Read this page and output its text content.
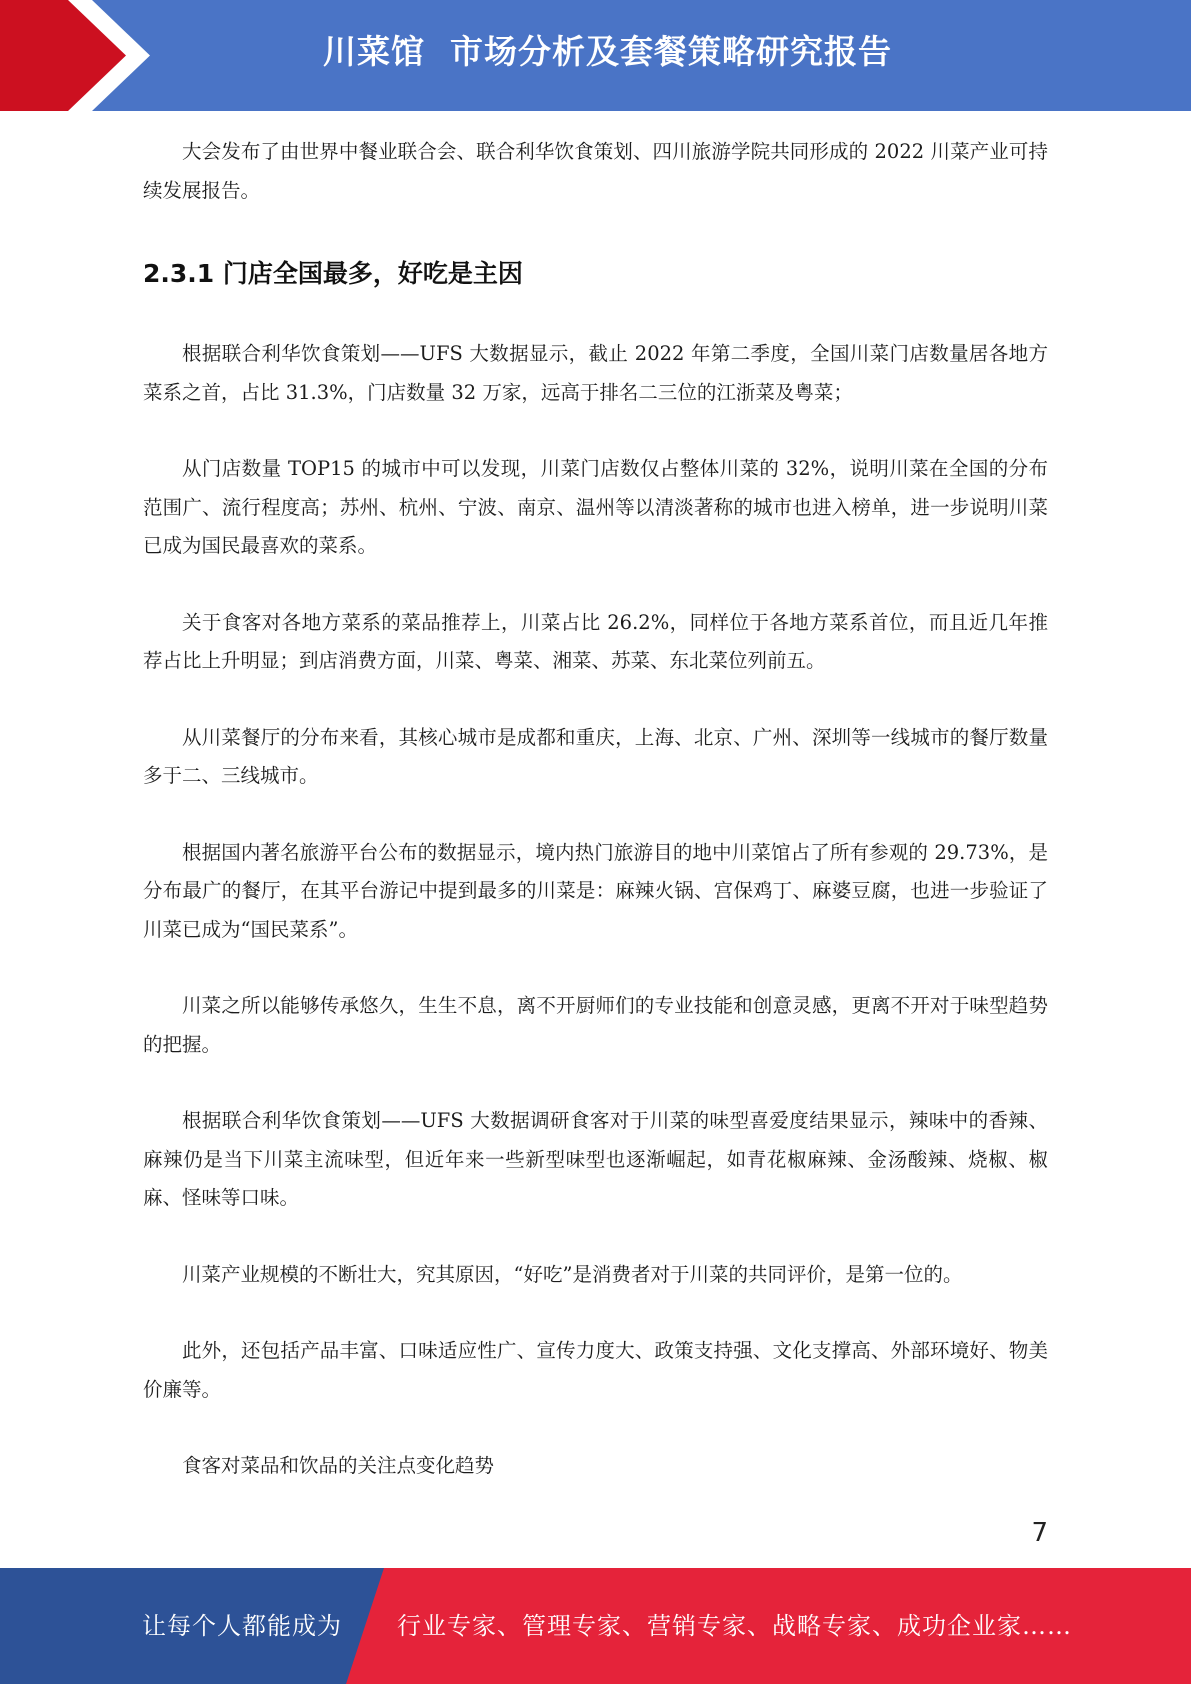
川菜馆  市场分析及套餐策略研究报告

大会发布了由世界中餐业联合会、联合利华饮食策划、四川旅游学院共同形成的 2022 川菜产业可持续发展报告。

2.3.1 门店全国最多，好吃是主因

根据联合利华饮食策划——UFS 大数据显示，截止 2022 年第二季度，全国川菜门店数量居各地方菜系之首，占比 31.3%，门店数量 32 万家，远高于排名二三位的江浙菜及粤菜；

从门店数量 TOP15 的城市中可以发现，川菜门店数仅占整体川菜的 32%，说明川菜在全国的分布范围广、流行程度高；苏州、杭州、宁波、南京、温州等以清淡著称的城市也进入榜单，进一步说明川菜已成为国民最喜欢的菜系。

关于食客对各地方菜系的菜品推荐上，川菜占比 26.2%，同样位于各地方菜系首位，而且近几年推荐占比上升明显；到店消费方面，川菜、粤菜、湘菜、苏菜、东北菜位列前五。

从川菜餐厅的分布来看，其核心城市是成都和重庆，上海、北京、广州、深圳等一线城市的餐厅数量多于二、三线城市。

根据国内著名旅游平台公布的数据显示，境内热门旅游目的地中川菜馆占了所有参观的 29.73%，是分布最广的餐厅，在其平台游记中提到最多的川菜是：麻辣火锅、宫保鸡丁、麻婆豆腐，也进一步验证了川菜已成为“国民菜系”。

川菜之所以能够传承悠久，生生不息，离不开厨师们的专业技能和创意灵感，更离不开对于味型趋势的把握。

根据联合利华饮食策划——UFS 大数据调研食客对于川菜的味型喜爱度结果显示，辣味中的香辣、麻辣仍是当下川菜主流味型，但近年来一些新型味型也逐渐崛起，如青花椒麻辣、金汤酸辣、烧椒、椒麻、怪味等口味。

川菜产业规模的不断壮大，究其原因，“好吃”是消费者对于川菜的共同评价，是第一位的。

此外，还包括产品丰富、口味适应性广、宣传力度大、政策支持强、文化支撑高、外部环境好、物美价廉等。

食客对菜品和饮品的关注点变化趋势

7
让每个人都能成为 行业专家、管理专家、营销专家、战略专家、成功企业家……
